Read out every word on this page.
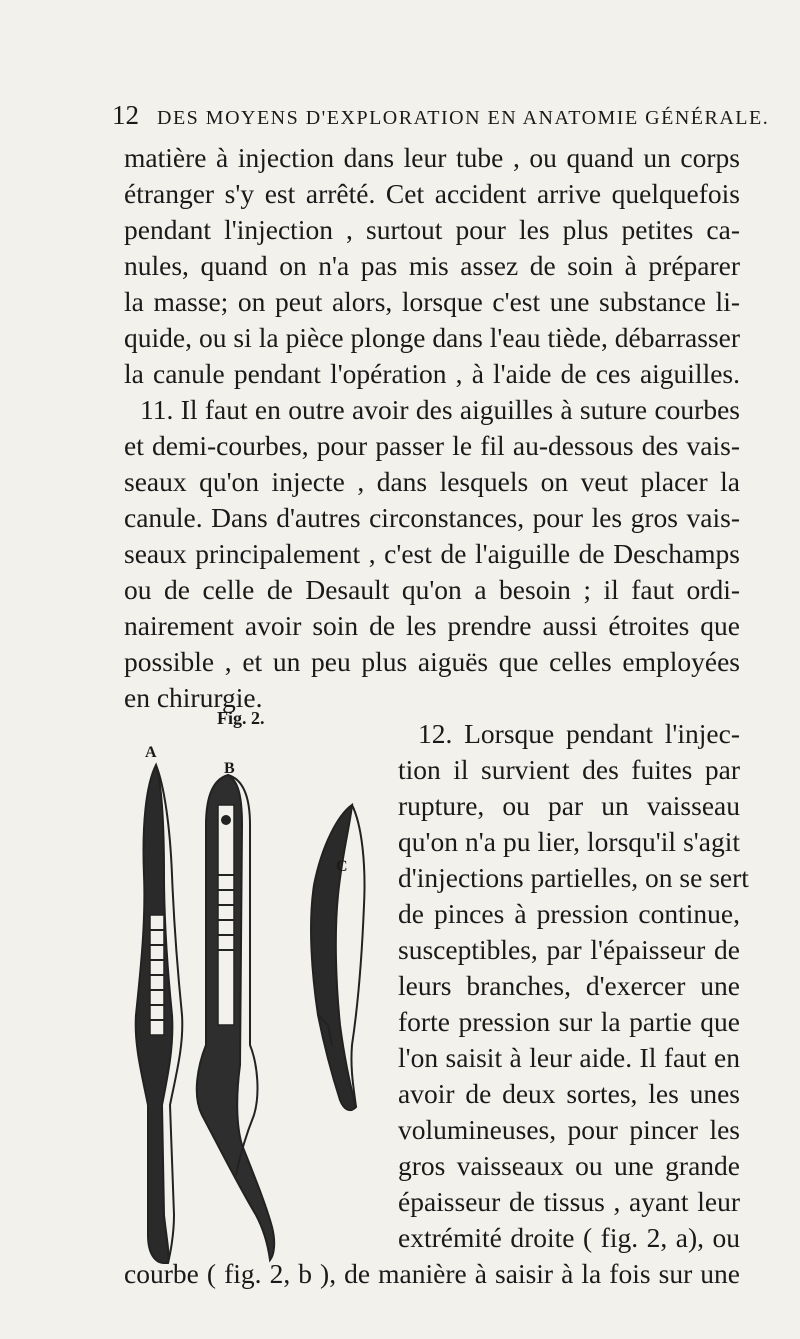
12 DES MOYENS D'EXPLORATION EN ANATOMIE GÉNÉRALE.
matière à injection dans leur tube , ou quand un corps
étranger s'y est arrêté. Cet accident arrive quelquefois
pendant l'injection , surtout pour les plus petites ca-
nules, quand on n'a pas mis assez de soin à préparer
la masse; on peut alors, lorsque c'est une substance li-
quide, ou si la pièce plonge dans l'eau tiède, débarrasser
la canule pendant l'opération , à l'aide de ces aiguilles.
11. Il faut en outre avoir des aiguilles à suture courbes
et demi-courbes, pour passer le fil au-dessous des vais-
seaux qu'on injecte , dans lesquels on veut placer la
canule. Dans d'autres circonstances, pour les gros vais-
seaux principalement , c'est de l'aiguille de Deschamps
ou de celle de Desault qu'on a besoin ; il faut ordi-
nairement avoir soin de les prendre aussi étroites que
possible , et un peu plus aiguës que celles employées
en chirurgie.
12. Lorsque pendant l'injec-
tion il survient des fuites par
rupture, ou par un vaisseau
qu'on n'a pu lier, lorsqu'il s'agit
d'injections partielles, on se sert
de pinces à pression continue,
susceptibles, par l'épaisseur de
leurs branches, d'exercer une
forte pression sur la partie que
l'on saisit à leur aide. Il faut en
avoir de deux sortes, les unes
volumineuses, pour pincer les
gros vaisseaux ou une grande
épaisseur de tissus , ayant leur
extrémité droite ( fig. 2, a), ou
courbe ( fig. 2, b ), de manière à saisir à la fois sur une
Fig. 2.
A
B
C
